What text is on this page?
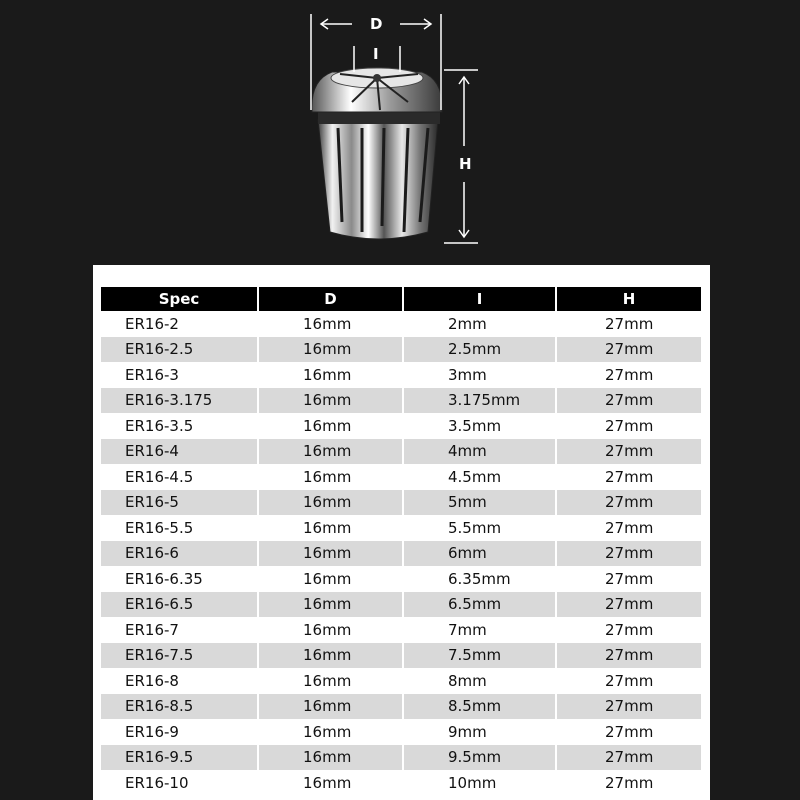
D
I
H
Spec	D	I	H
ER16-2	16mm	2mm	27mm
ER16-2.5	16mm	2.5mm	27mm
ER16-3	16mm	3mm	27mm
ER16-3.175	16mm	3.175mm	27mm
ER16-3.5	16mm	3.5mm	27mm
ER16-4	16mm	4mm	27mm
ER16-4.5	16mm	4.5mm	27mm
ER16-5	16mm	5mm	27mm
ER16-5.5	16mm	5.5mm	27mm
ER16-6	16mm	6mm	27mm
ER16-6.35	16mm	6.35mm	27mm
ER16-6.5	16mm	6.5mm	27mm
ER16-7	16mm	7mm	27mm
ER16-7.5	16mm	7.5mm	27mm
ER16-8	16mm	8mm	27mm
ER16-8.5	16mm	8.5mm	27mm
ER16-9	16mm	9mm	27mm
ER16-9.5	16mm	9.5mm	27mm
ER16-10	16mm	10mm	27mm
